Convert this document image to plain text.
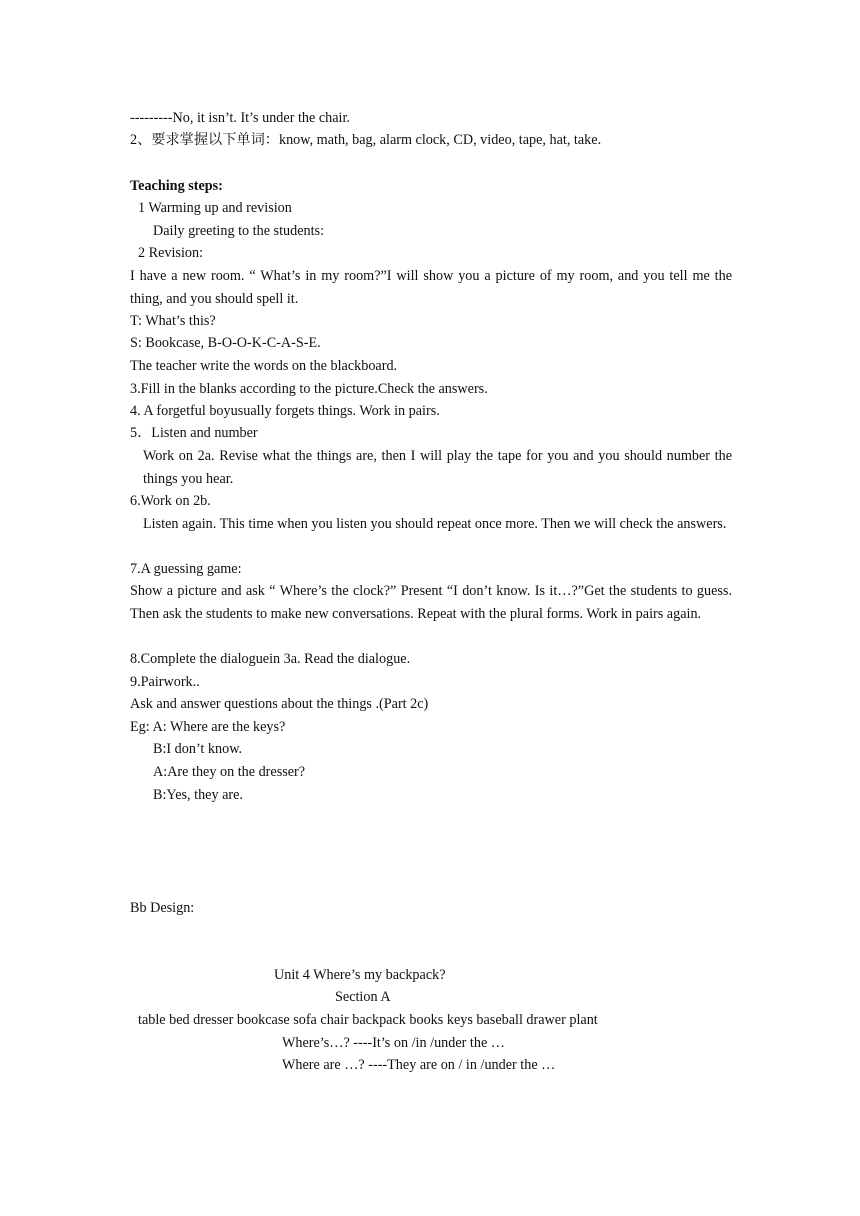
---------No, it isn’t. It’s under the chair.
2、要求掌握以下单词：know, math, bag, alarm clock, CD, video, tape, hat, take.
Teaching steps:
1 Warming up and revision
Daily greeting to the students:
2 Revision:
I have a new room. “ What’s in my room?”I will show you a picture of my room, and you tell me the thing, and you should spell it.
T: What’s this?
S: Bookcase, B-O-O-K-C-A-S-E.
The teacher write the words on the blackboard.
3.Fill in the blanks according to the picture.Check the answers.
4. A forgetful boyusually forgets things. Work in pairs.
5．Listen and number
Work on 2a. Revise what the things are, then I will play the tape for you and you should number the things you hear.
6.Work on 2b.
Listen again. This time when you listen you should repeat once more. Then we will check the answers.
7.A guessing game:
Show a picture and ask “ Where’s the clock?” Present “I don’t know. Is it…?”Get the students to guess. Then ask the students to make new conversations. Repeat with the plural forms. Work in pairs again.
8.Complete the dialoguein 3a. Read the dialogue.
9.Pairwork..
Ask and answer questions about the things .(Part 2c)
Eg: A: Where are the keys?
B:I don’t know.
A:Are they on the dresser?
B:Yes, they are.
Bb Design:
Unit 4 Where’s my backpack?
Section A
table bed dresser bookcase sofa chair backpack books keys baseball drawer plant
Where’s…? ----It’s on /in /under the …
Where are …? ----They are on / in /under the …
